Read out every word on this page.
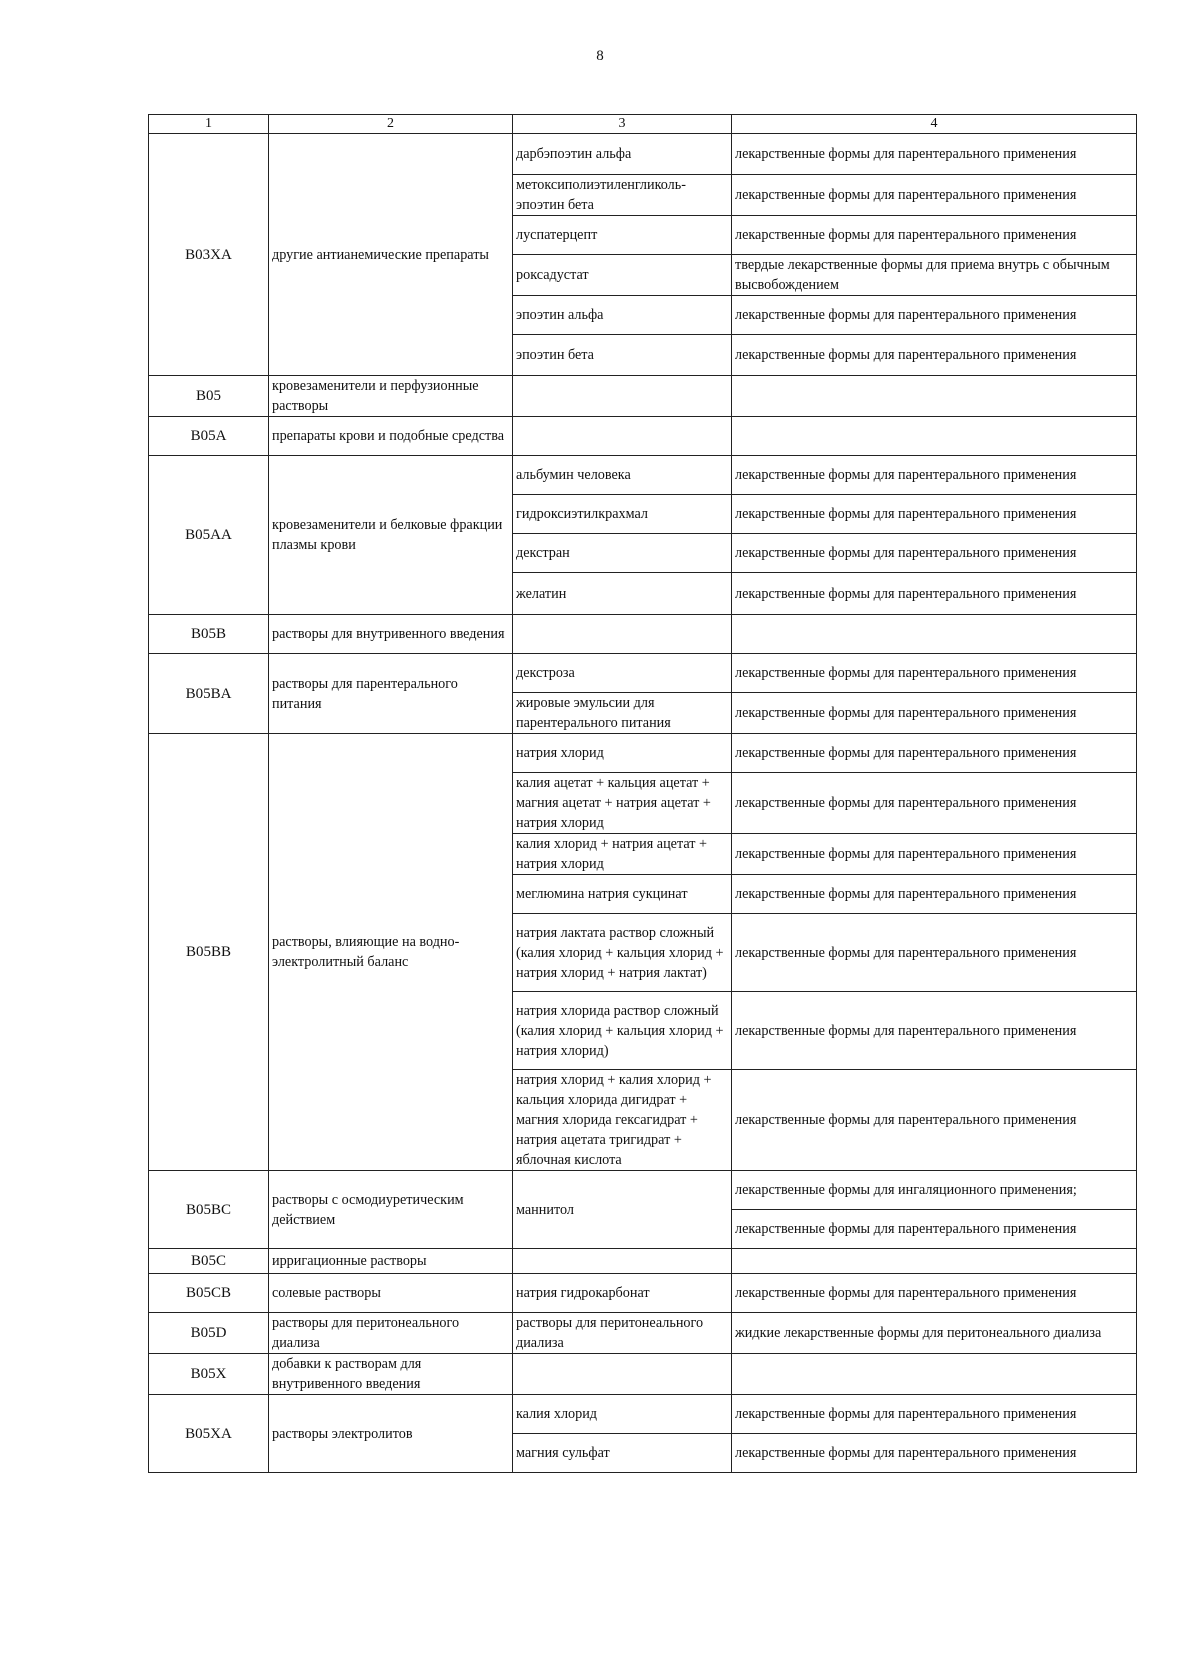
8
1	2	3	4
B03XA	другие антианемические препараты	дарбэпоэтин альфа	лекарственные формы для парентерального применения
		метоксиполиэтиленгликоль-эпоэтин бета	лекарственные формы для парентерального применения
		луспатерцепт	лекарственные формы для парентерального применения
		роксадустат	твердые лекарственные формы для приема внутрь с обычным высвобождением
		эпоэтин альфа	лекарственные формы для парентерального применения
		эпоэтин бета	лекарственные формы для парентерального применения
B05	кровезаменители и перфузионные растворы		
B05A	препараты крови и подобные средства		
B05AA	кровезаменители и белковые фракции плазмы крови	альбумин человека	лекарственные формы для парентерального применения
		гидроксиэтилкрахмал	лекарственные формы для парентерального применения
		декстран	лекарственные формы для парентерального применения
		желатин	лекарственные формы для парентерального применения
B05B	растворы для внутривенного введения		
B05BA	растворы для парентерального питания	декстроза	лекарственные формы для парентерального применения
		жировые эмульсии для парентерального питания	лекарственные формы для парентерального применения
B05BB	растворы, влияющие на водно-электролитный баланс	натрия хлорид	лекарственные формы для парентерального применения
		калия ацетат + кальция ацетат + магния ацетат + натрия ацетат + натрия хлорид	лекарственные формы для парентерального применения
		калия хлорид + натрия ацетат + натрия хлорид	лекарственные формы для парентерального применения
		меглюмина натрия сукцинат	лекарственные формы для парентерального применения
		натрия лактата раствор сложный (калия хлорид + кальция хлорид + натрия хлорид + натрия лактат)	лекарственные формы для парентерального применения
		натрия хлорида раствор сложный (калия хлорид + кальция хлорид + натрия хлорид)	лекарственные формы для парентерального применения
		натрия хлорид + калия хлорид + кальция хлорида дигидрат + магния хлорида гексагидрат + натрия ацетата тригидрат + яблочная кислота	лекарственные формы для парентерального применения
B05BC	растворы с осмодиуретическим действием	маннитол	лекарственные формы для ингаляционного применения;
			лекарственные формы для парентерального применения
B05C	ирригационные растворы		
B05CB	солевые растворы	натрия гидрокарбонат	лекарственные формы для парентерального применения
B05D	растворы для перитонеального диализа	растворы для перитонеального диализа	жидкие лекарственные формы для перитонеального диализа
B05X	добавки к растворам для внутривенного введения		
B05XA	растворы электролитов	калия хлорид	лекарственные формы для парентерального применения
		магния сульфат	лекарственные формы для парентерального применения
